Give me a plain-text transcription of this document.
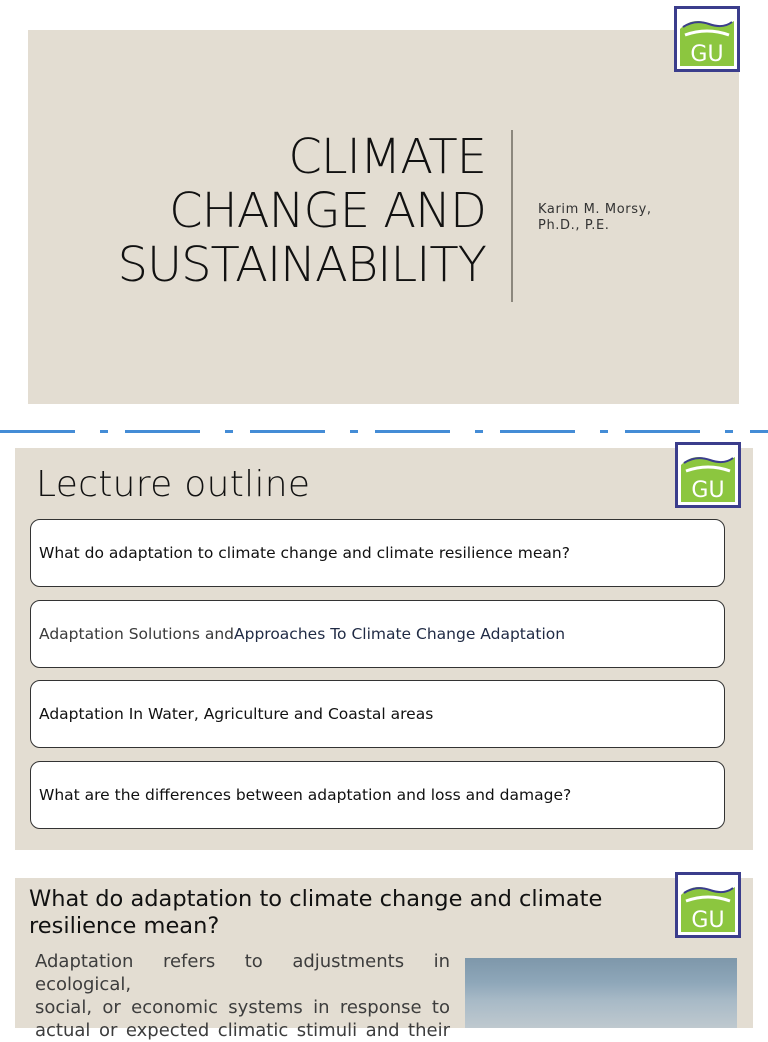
GU
CLIMATE
CHANGE AND
SUSTAINABILITY
Karim M. Morsy,
Ph.D., P.E.
GU
Lecture outline
What do adaptation to climate change and climate resilience mean?
Adaptation Solutions and Approaches To Climate Change Adaptation
Adaptation In Water, Agriculture and Coastal areas
What are the differences between adaptation and loss and damage?
GU
What do adaptation to climate change and climate resilience mean?
Adaptation refers to adjustments in ecological,
social, or economic systems in response to
actual or expected climatic stimuli and their
